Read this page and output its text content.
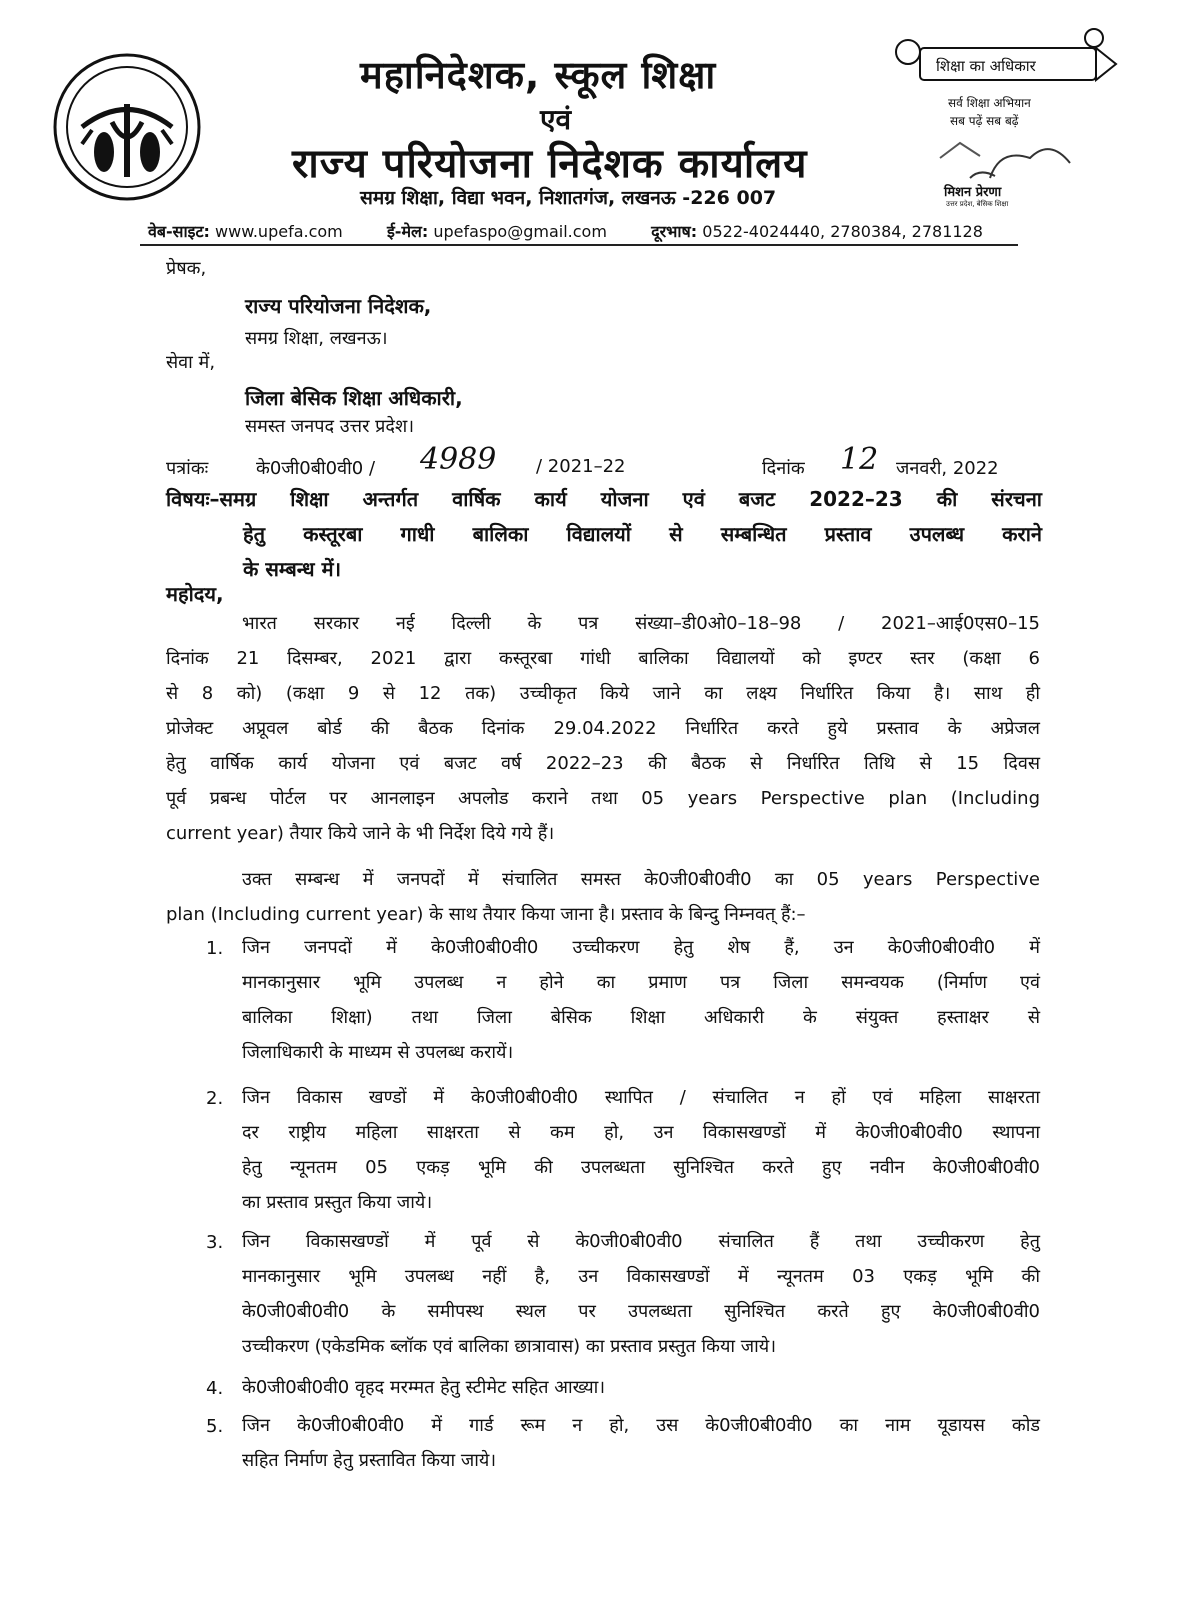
शिक्षा का अधिकार
सर्व शिक्षा अभियान
सब पढ़ें सब बढ़ें
मिशन प्रेरणा
उत्तर प्रदेश, बेसिक शिक्षा
महानिदेशक, स्कूल शिक्षा
एवं
राज्य परियोजना निदेशक कार्यालय
समग्र शिक्षा, विद्या भवन, निशातगंज, लखनऊ -226 007
वेब-साइट: www.upefa.com	ई-मेल: upefaspo@gmail.com	दूरभाष: 0522-4024440, 2780384, 2781128
प्रेषक,
राज्य परियोजना निदेशक,
समग्र शिक्षा, लखनऊ।
सेवा में,
जिला बेसिक शिक्षा अधिकारी,
समस्त जनपद उत्तर प्रदेश।
पत्रांकः	के0जी0बी0वी0 / 4989 / 2021–22	दिनांक 12 जनवरी, 2022
विषयः–समग्र शिक्षा अन्तर्गत वार्षिक कार्य योजना एवं बजट 2022–23 की संरचना
हेतु कस्तूरबा गाधी बालिका विद्यालयों से सम्बन्धित प्रस्ताव उपलब्ध कराने
के सम्बन्ध में।
महोदय,
भारत सरकार नई दिल्ली के पत्र संख्या–डी0ओ0–18–98 / 2021–आई0एस0–15
दिनांक 21 दिसम्बर, 2021 द्वारा कस्तूरबा गांधी बालिका विद्यालयों को इण्टर स्तर (कक्षा 6
से 8 को) (कक्षा 9 से 12 तक) उच्चीकृत किये जाने का लक्ष्य निर्धारित किया है। साथ ही
प्रोजेक्ट अप्रूवल बोर्ड की बैठक दिनांक 29.04.2022 निर्धारित करते हुये प्रस्ताव के अप्रेजल
हेतु वार्षिक कार्य योजना एवं बजट वर्ष 2022–23 की बैठक से निर्धारित तिथि से 15 दिवस
पूर्व प्रबन्ध पोर्टल पर आनलाइन अपलोड कराने तथा 05 years Perspective plan (Including
current year) तैयार किये जाने के भी निर्देश दिये गये हैं।
उक्त सम्बन्ध में जनपदों में संचालित समस्त के0जी0बी0वी0 का 05 years Perspective
plan (Including current year) के साथ तैयार किया जाना है। प्रस्ताव के बिन्दु निम्नवत् हैं:–
1. जिन जनपदों में के0जी0बी0वी0 उच्चीकरण हेतु शेष हैं, उन के0जी0बी0वी0 में
मानकानुसार भूमि उपलब्ध न होने का प्रमाण पत्र जिला समन्वयक (निर्माण एवं
बालिका शिक्षा) तथा जिला बेसिक शिक्षा अधिकारी के संयुक्त हस्ताक्षर से
जिलाधिकारी के माध्यम से उपलब्ध करायें।
2. जिन विकास खण्डों में के0जी0बी0वी0 स्थापित / संचालित न हों एवं महिला साक्षरता
दर राष्ट्रीय महिला साक्षरता से कम हो, उन विकासखण्डों में के0जी0बी0वी0 स्थापना
हेतु न्यूनतम 05 एकड़ भूमि की उपलब्धता सुनिश्चित करते हुए नवीन के0जी0बी0वी0
का प्रस्ताव प्रस्तुत किया जाये।
3. जिन विकासखण्डों में पूर्व से के0जी0बी0वी0 संचालित हैं तथा उच्चीकरण हेतु
मानकानुसार भूमि उपलब्ध नहीं है, उन विकासखण्डों में न्यूनतम 03 एकड़ भूमि की
के0जी0बी0वी0 के समीपस्थ स्थल पर उपलब्धता सुनिश्चित करते हुए के0जी0बी0वी0
उच्चीकरण (एकेडमिक ब्लॉक एवं बालिका छात्रावास) का प्रस्ताव प्रस्तुत किया जाये।
4. के0जी0बी0वी0 वृहद मरम्मत हेतु स्टीमेट सहित आख्या।
5. जिन के0जी0बी0वी0 में गार्ड रूम न हो, उस के0जी0बी0वी0 का नाम यूडायस कोड
सहित निर्माण हेतु प्रस्तावित किया जाये।
